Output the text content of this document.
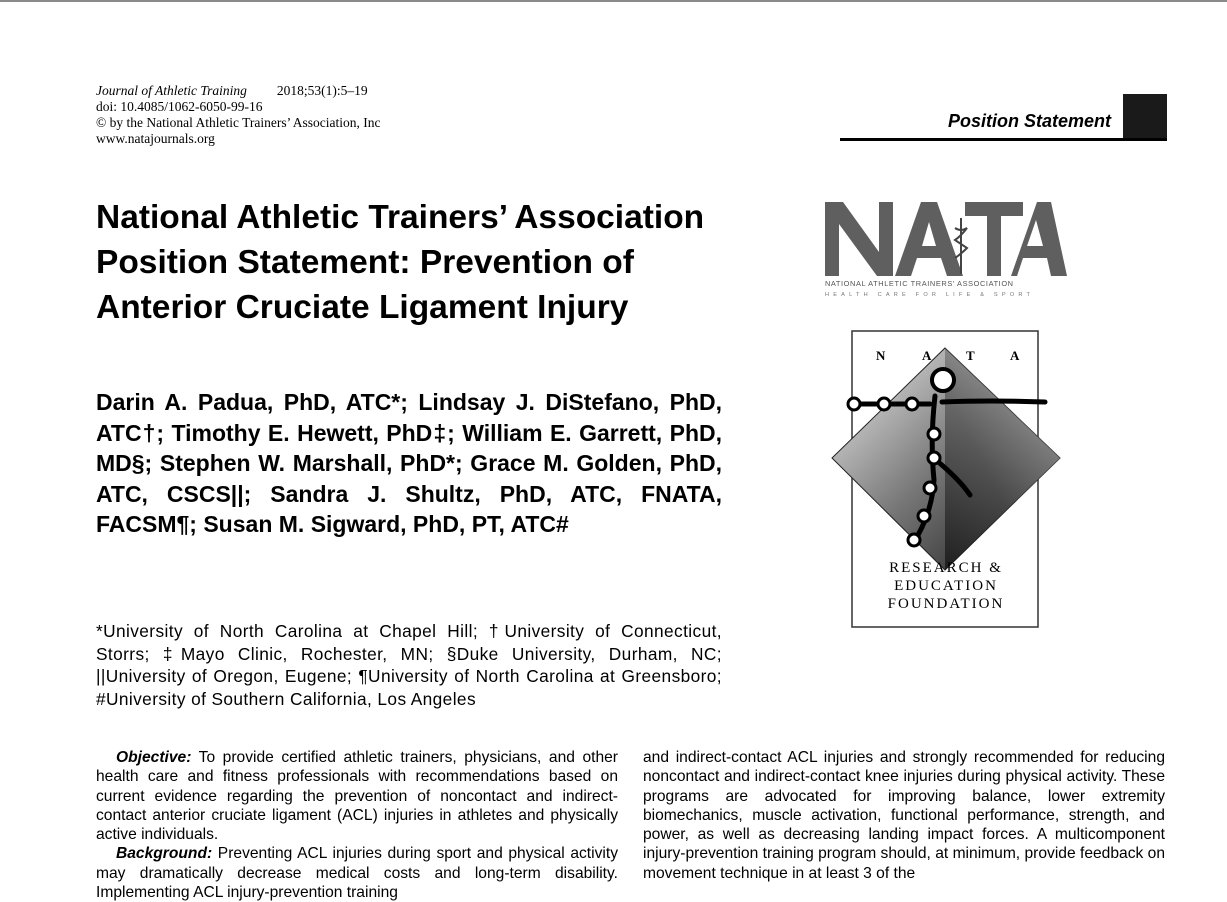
Journal of Athletic Training 2018;53(1):5–19
doi: 10.4085/1062-6050-99-16
© by the National Athletic Trainers’ Association, Inc
www.natajournals.org
Position Statement
National Athletic Trainers’ Association Position Statement: Prevention of Anterior Cruciate Ligament Injury

Darin A. Padua, PhD, ATC*; Lindsay J. DiStefano, PhD, ATC†; Timothy E. Hewett, PhD‡; William E. Garrett, PhD, MD§; Stephen W. Marshall, PhD*; Grace M. Golden, PhD, ATC, CSCS||; Sandra J. Shultz, PhD, ATC, FNATA, FACSM¶; Susan M. Sigward, PhD, PT, ATC#

*University of North Carolina at Chapel Hill; †University of Connecticut, Storrs; ‡Mayo Clinic, Rochester, MN; §Duke University, Durham, NC; ||University of Oregon, Eugene; ¶University of North Carolina at Greensboro; #University of Southern California, Los Angeles

NATIONAL ATHLETIC TRAINERS’ ASSOCIATION
HEALTH CARE FOR LIFE & SPORT
N	A	T	A
RESEARCH &
EDUCATION
FOUNDATION

Objective: To provide certified athletic trainers, physicians, and other health care and fitness professionals with recommendations based on current evidence regarding the prevention of noncontact and indirect-contact anterior cruciate ligament (ACL) injuries in athletes and physically active individuals.

Background: Preventing ACL injuries during sport and physical activity may dramatically decrease medical costs and long-term disability. Implementing ACL injury-prevention training

and indirect-contact ACL injuries and strongly recommended for reducing noncontact and indirect-contact knee injuries during physical activity. These programs are advocated for improving balance, lower extremity biomechanics, muscle activation, functional performance, strength, and power, as well as decreasing landing impact forces. A multicomponent injury-prevention training program should, at minimum, provide feedback on movement technique in at least 3 of the
